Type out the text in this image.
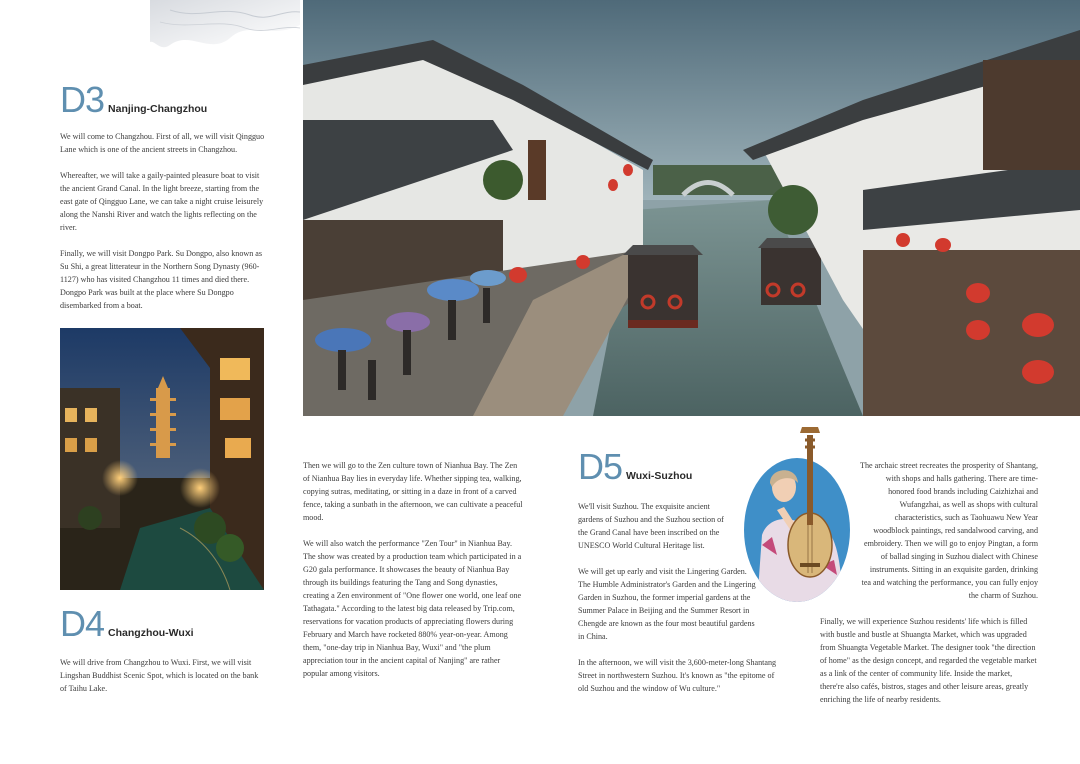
D3 Nanjing-Changzhou

We will come to Changzhou. First of all, we will visit Qingguo Lane which is one of the ancient streets in Changzhou.

Whereafter, we will take a gaily-painted pleasure boat to visit the ancient Grand Canal. In the light breeze, starting from the east gate of Qingguo Lane, we can take a night cruise leisurely along the Nanshi River and watch the lights reflecting on the river.

Finally, we will visit Dongpo Park. Su Dongpo, also known as Su Shi, a great litterateur in the Northern Song Dynasty (960-1127) who has visited Changzhou 11 times and died there. Dongpo Park was built at the place where Su Dongpo disembarked from a boat.

D4 Changzhou-Wuxi

We will drive from Changzhou to Wuxi. First, we will visit Lingshan Buddhist Scenic Spot, which is located on the bank of Taihu Lake.

Then we will go to the Zen culture town of Nianhua Bay. The Zen of Nianhua Bay lies in everyday life. Whether sipping tea, walking, copying sutras, meditating, or sitting in a daze in front of a carved fence, taking a sunbath in the afternoon, we can cultivate a peaceful mood.

We will also watch the performance "Zen Tour" in Nianhua Bay. The show was created by a production team which participated in a G20 gala performance. It showcases the beauty of Nianhua Bay through its buildings featuring the Tang and Song dynasties, creating a Zen environment of "One flower one world, one leaf one Tathagata." According to the latest big data released by Trip.com, reservations for vacation products of appreciating flowers during February and March have rocketed 880% year-on-year. Among them, "one-day trip in Nianhua Bay, Wuxi" and "the plum appreciation tour in the ancient capital of Nanjing" are rather popular among visitors.

D5 Wuxi-Suzhou

We'll visit Suzhou. The exquisite ancient gardens of Suzhou and the Suzhou section of the Grand Canal have been inscribed on the UNESCO World Cultural Heritage list.

We will get up early and visit the Lingering Garden. The Humble Administrator's Garden and the Lingering Garden in Suzhou, the former imperial gardens at the Summer Palace in Beijing and the Summer Resort in Chengde are known as the four most beautiful gardens in China.

In the afternoon, we will visit the 3,600-meter-long Shantang Street in northwestern Suzhou. It's known as "the epitome of old Suzhou and the window of Wu culture."

The archaic street recreates the prosperity of Shantang, with shops and halls gathering. There are time-honored food brands including Caizhizhai and Wufangzhai, as well as shops with cultural characteristics, such as Taohuawu New Year woodblock paintings, red sandalwood carving, and embroidery. Then we will go to enjoy Pingtan, a form of ballad singing in Suzhou dialect with Chinese instruments. Sitting in an exquisite garden, drinking tea and watching the performance, you can fully enjoy the charm of Suzhou.

Finally, we will experience Suzhou residents' life which is filled with bustle and bustle at Shuangta Market, which was upgraded from Shuangta Vegetable Market. The designer took "the direction of home" as the design concept, and regarded the vegetable market as a link of the center of community life. Inside the market, there're also cafés, bistros, stages and other leisure areas, greatly enriching the life of nearby residents.
